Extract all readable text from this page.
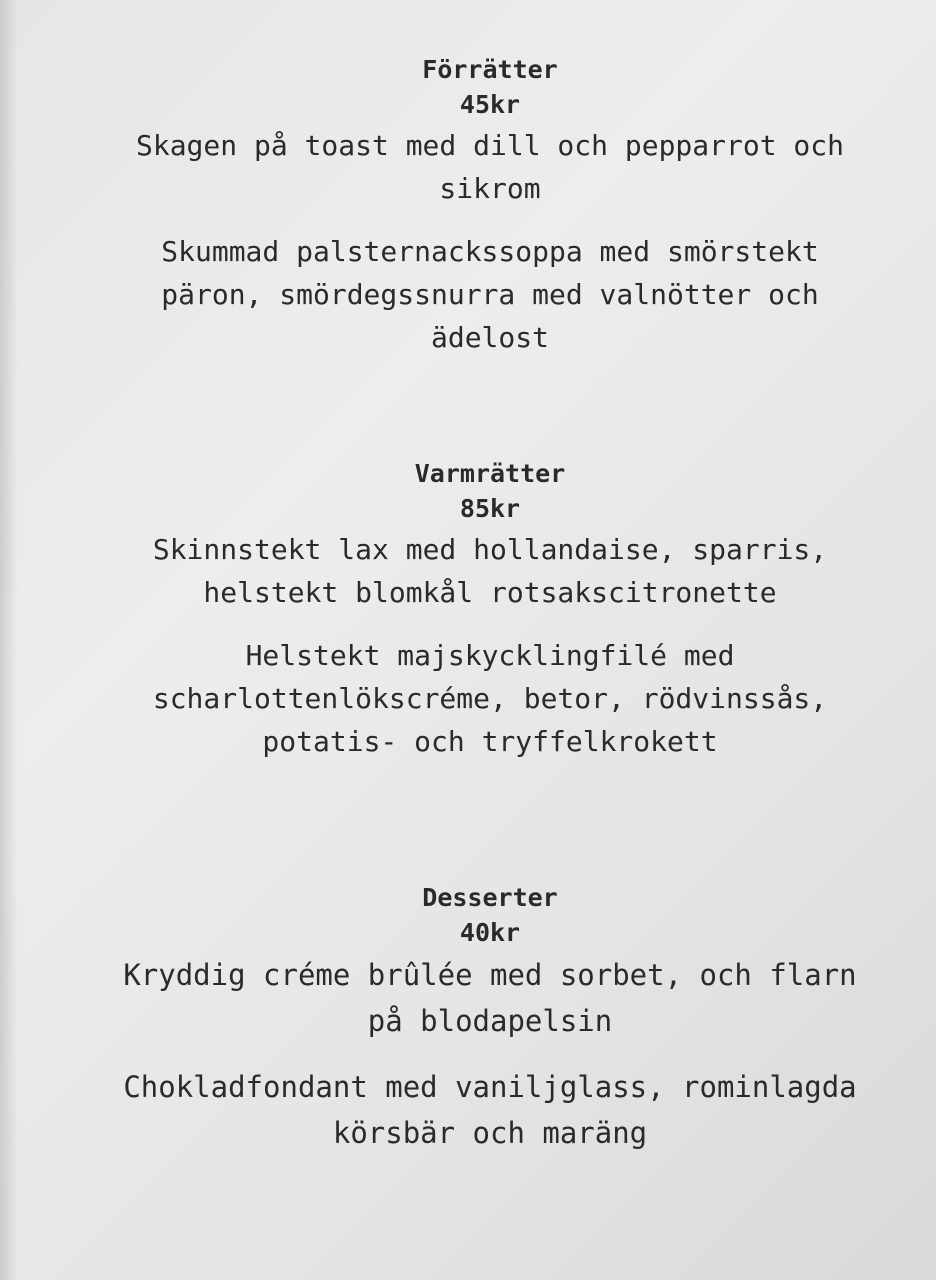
Förrätter

45kr

Skagen på toast med dill och pepparrot och
sikrom

Skummad palsternackssoppa med smörstekt
päron, smördegssnurra med valnötter och
ädelost

Varmrätter

85kr

Skinnstekt lax med hollandaise, sparris,
helstekt blomkål rotsakscitronette

Helstekt majskycklingfilé med
scharlottenlökscréme, betor, rödvinssås,
potatis- och tryffelkrokett

Desserter

40kr

Kryddig créme brûlée med sorbet, och flarn
på blodapelsin

Chokladfondant med vaniljglass, rominlagda
körsbär och maräng
